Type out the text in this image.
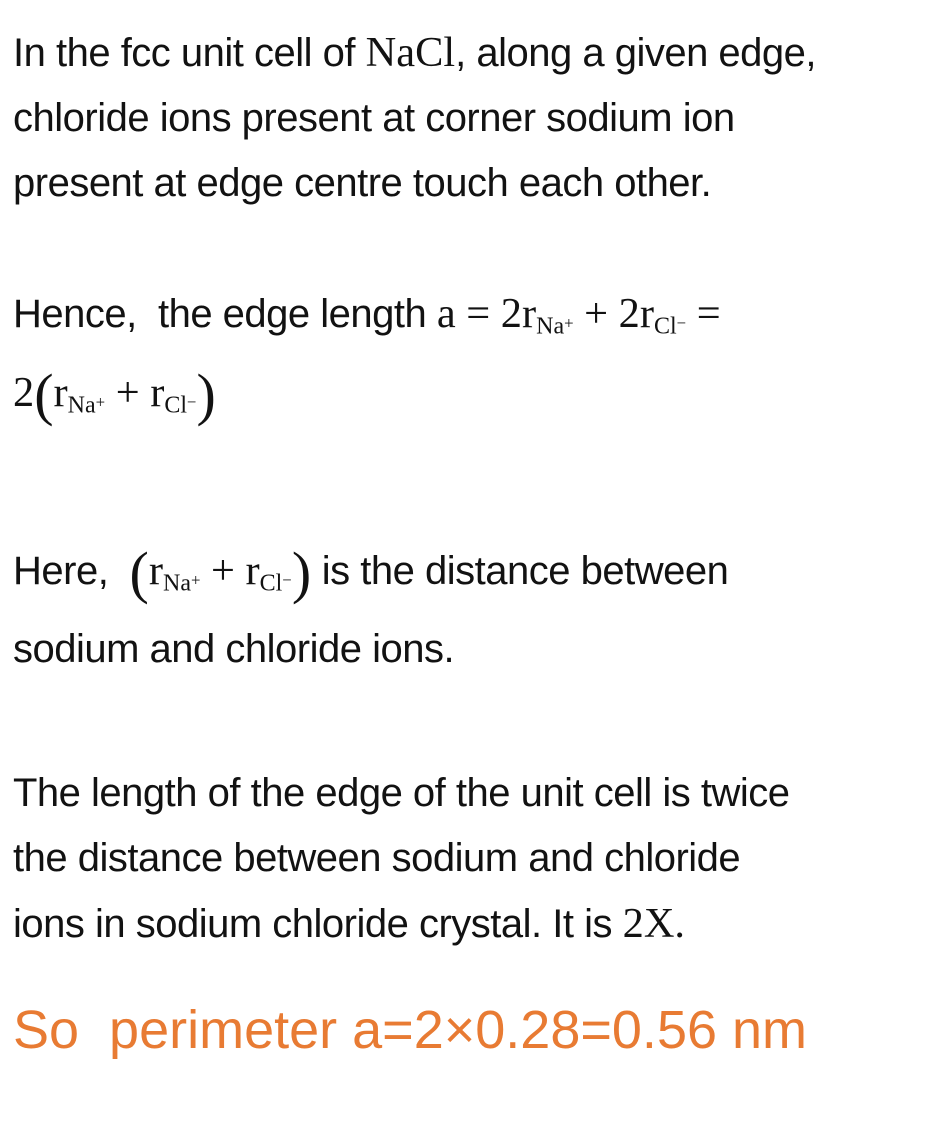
In the fcc unit cell of NaCl, along a given edge,
chloride ions present at corner sodium ion
present at edge centre touch each other.
Hence,  the edge length $a = 2r_{Na}+ + 2r_{Cl}-$ =
$2(r_{Na}+ + r_{Cl}-)$
Here,  $(r_{Na}+ + r_{Cl}-)$ is the distance between
sodium and chloride ions.
The length of the edge of the unit cell is twice
the distance between sodium and chloride
ions in sodium chloride crystal. It is 2X.
So  perimeter a=2×0.28=0.56 nm
